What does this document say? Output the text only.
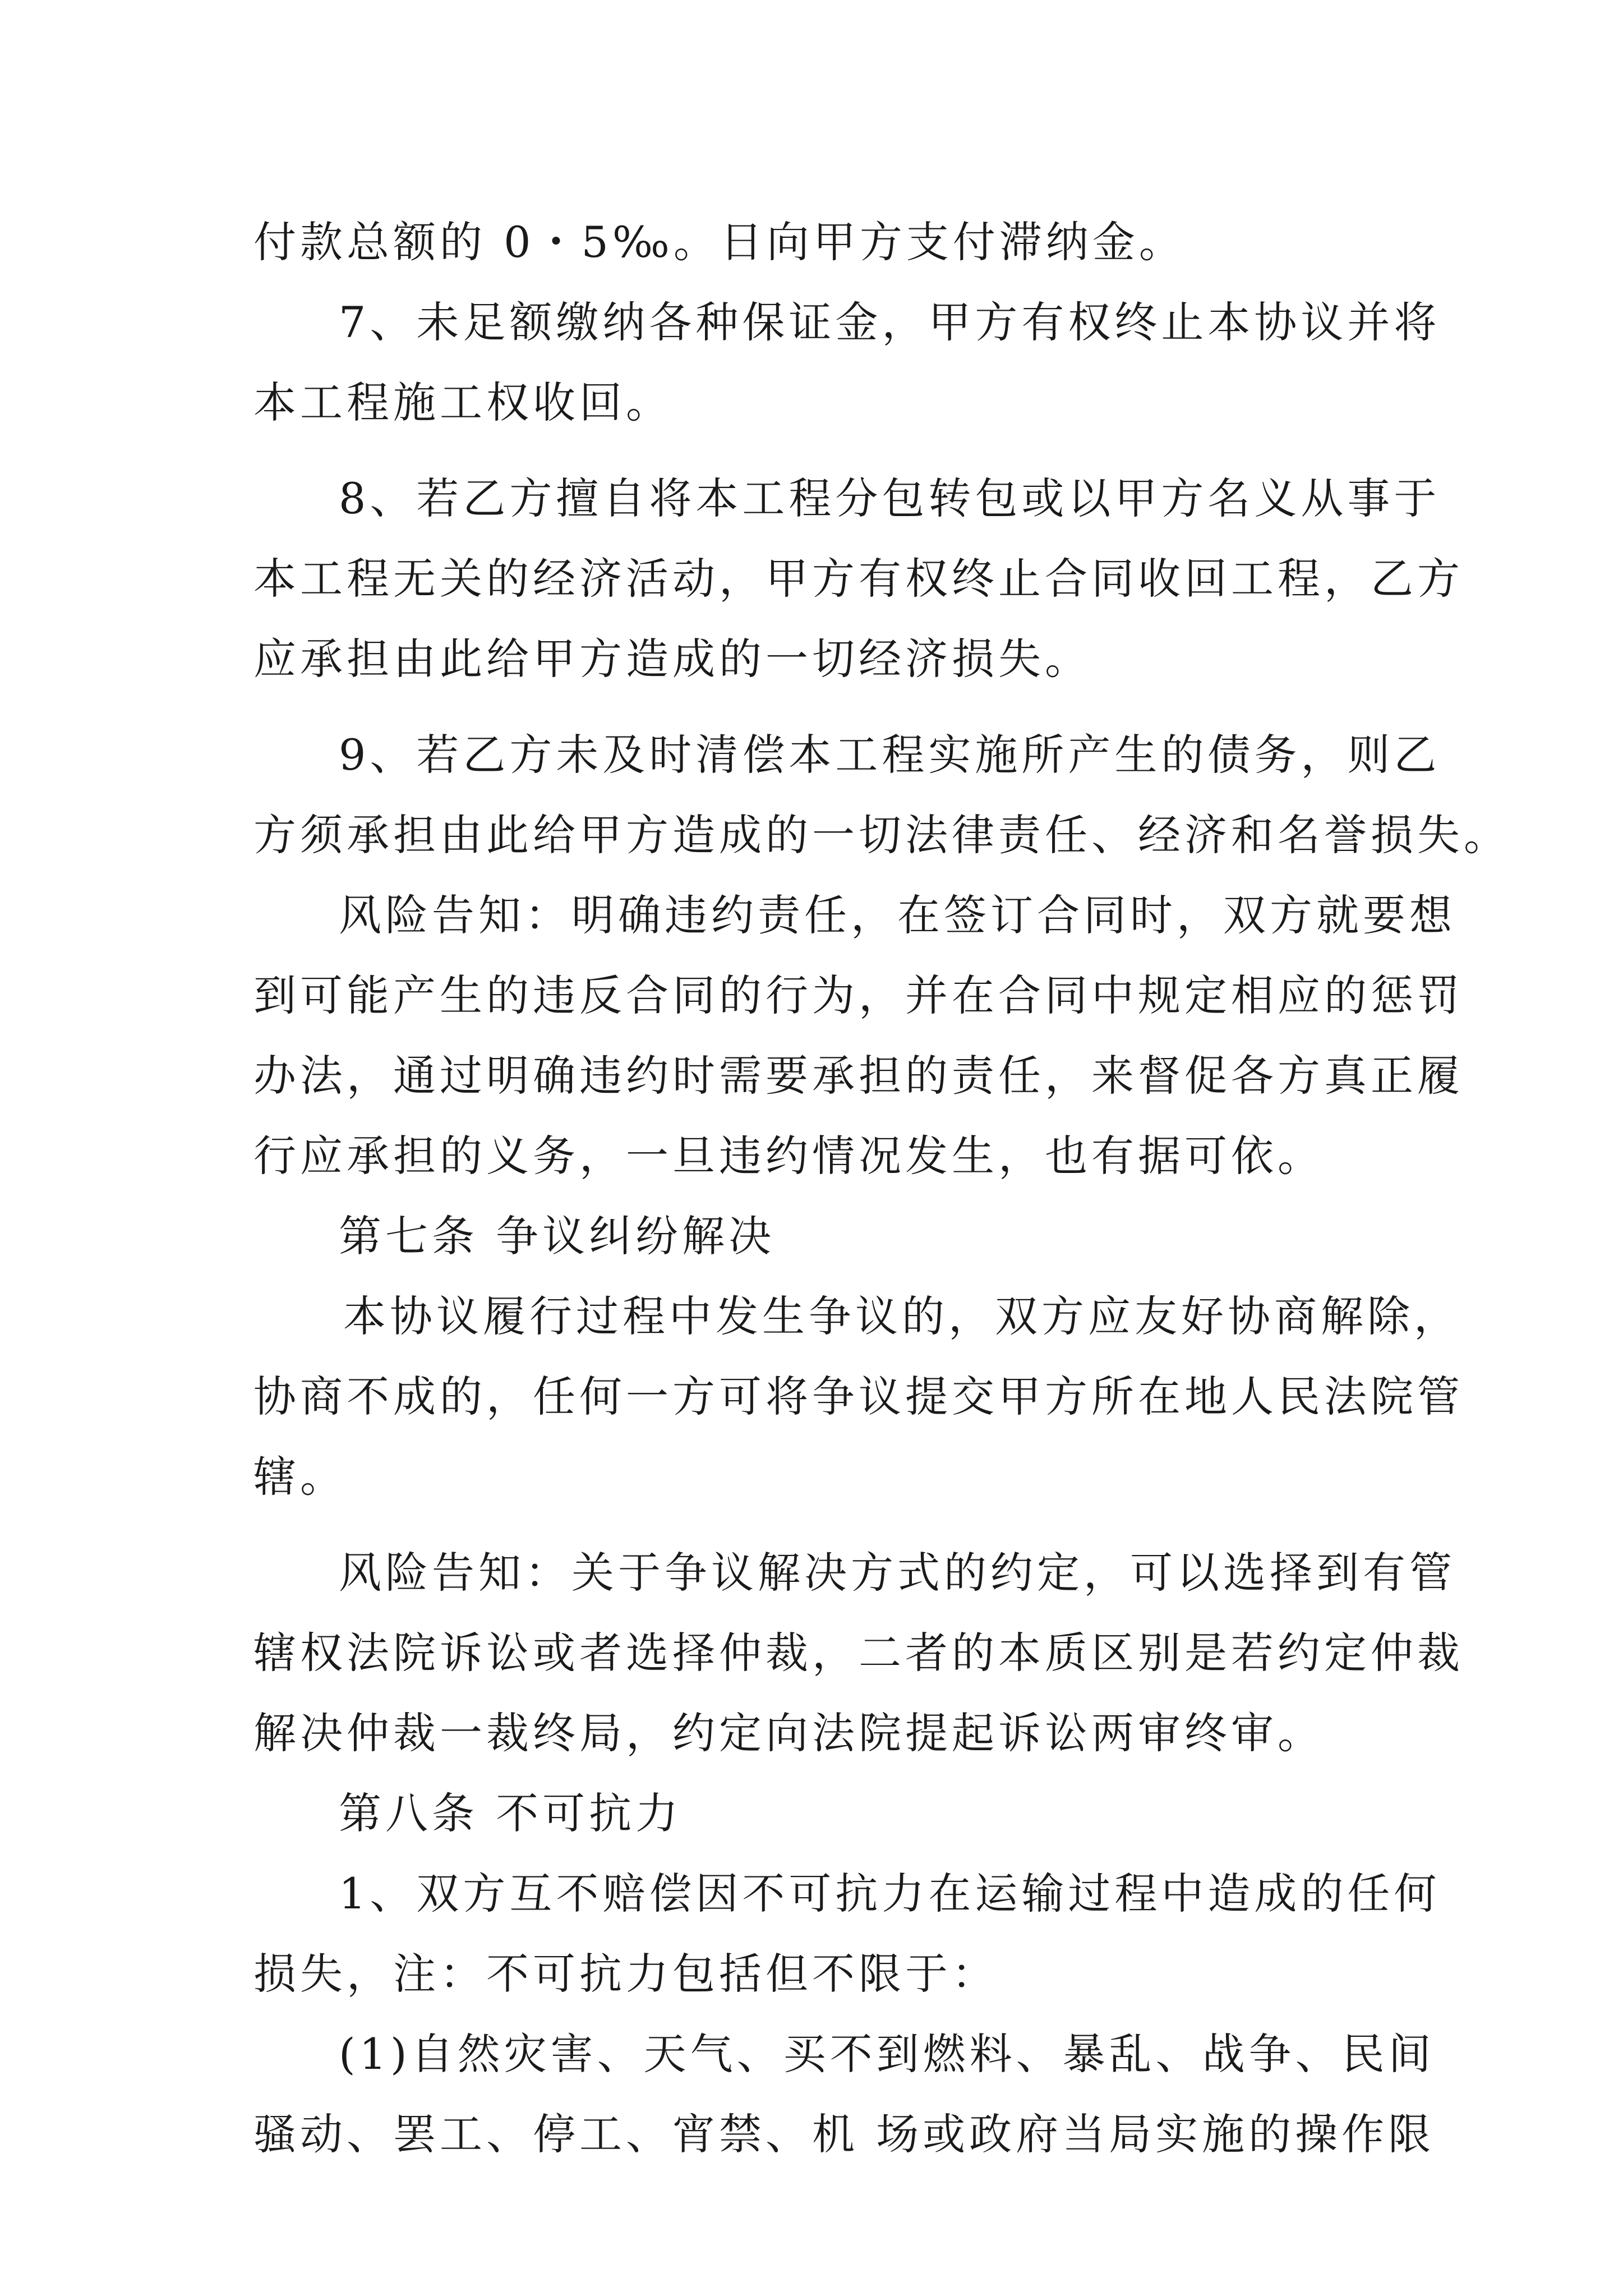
付款总额的 0・5‰。日向甲方支付滞纳金。
7、未足额缴纳各种保证金，甲方有权终止本协议并将
本工程施工权收回。
8、若乙方擅自将本工程分包转包或以甲方名义从事于
本工程无关的经济活动，甲方有权终止合同收回工程，乙方
应承担由此给甲方造成的一切经济损失。
9、若乙方未及时清偿本工程实施所产生的债务，则乙
方须承担由此给甲方造成的一切法律责任、经济和名誉损失。
风险告知：明确违约责任，在签订合同时，双方就要想
到可能产生的违反合同的行为，并在合同中规定相应的惩罚
办法，通过明确违约时需要承担的责任，来督促各方真正履
行应承担的义务，一旦违约情况发生，也有据可依。
第七条 争议纠纷解决
本协议履行过程中发生争议的，双方应友好协商解除，
协商不成的，任何一方可将争议提交甲方所在地人民法院管
辖。
风险告知：关于争议解决方式的约定，可以选择到有管
辖权法院诉讼或者选择仲裁，二者的本质区别是若约定仲裁
解决仲裁一裁终局，约定向法院提起诉讼两审终审。
第八条 不可抗力
1、双方互不赔偿因不可抗力在运输过程中造成的任何
损失，注：不可抗力包括但不限于：
(1)自然灾害、天气、买不到燃料、暴乱、战争、民间
骚动、罢工、停工、宵禁、机 场或政府当局实施的操作限
